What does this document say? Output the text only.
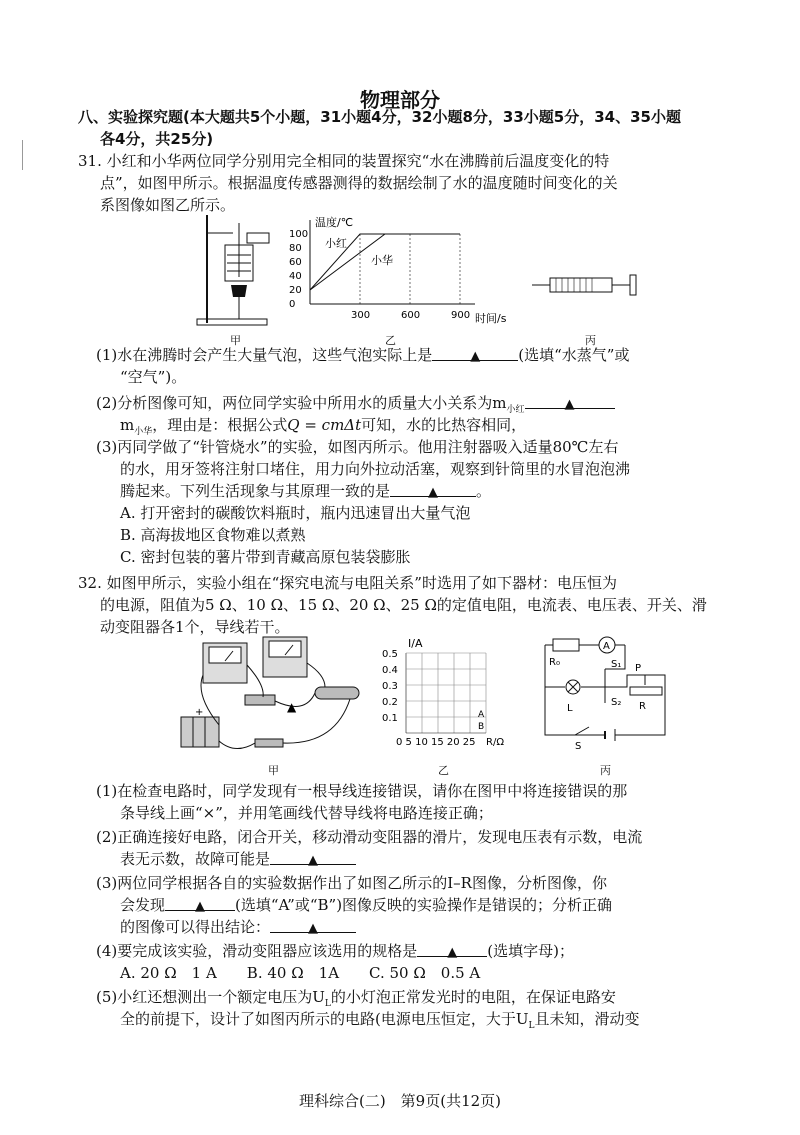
物理部分
八、实验探究题(本大题共5个小题，31小题4分，32小题8分，33小题5分，34、35小题
各4分，共25分)
31. 小红和小华两位同学分别用完全相同的装置探究“水在沸腾前后温度变化的特
点”，如图甲所示。根据温度传感器测得的数据绘制了水的温度随时间变化的关
系图像如图乙所示。
甲
温度/℃
100
80
60
40
20
0
300	600	900
小红
小华
时间/s
乙	丙
(1)水在沸腾时会产生大量气泡，这些气泡实际上是	▲	(选填“水蒸气”或
“空气”)。
(2)分析图像可知，两位同学实验中所用水的质量大小关系为$m_{小红}$	▲
$m_{小华}$，理由是：根据公式Q = cmΔt可知，水的比热容相同，
(3)丙同学做了“针管烧水”的实验，如图丙所示。他用注射器吸入适量80℃左右
的水，用牙签将注射口堵住，用力向外拉动活塞，观察到针筒里的水冒泡泡沸
腾起来。下列生活现象与其原理一致的是	▲	。
A. 打开密封的碳酸饮料瓶时，瓶内迅速冒出大量气泡
B. 高海拔地区食物难以煮熟
C. 密封包装的薯片带到青藏高原包装袋膨胀
32. 如图甲所示，实验小组在“探究电流与电阻关系”时选用了如下器材：电压恒为
的电源，阻值为5 Ω、10 Ω、15 Ω、20 Ω、25 Ω的定值电阻，电流表、电压表、开关、滑
动变阻器各1个，导线若干。
▲
+
甲
I/A
0.5
0.4
0.3
0.2
0.1	A
B
0 5 10 15 20 25 R/Ω
乙
A
R₀	S₁
S₂
P
L	R
S
丙
(1)在检查电路时，同学发现有一根导线连接错误，请你在图甲中将连接错误的那
条导线上画“×”，并用笔画线代替导线将电路连接正确；
(2)正确连接好电路，闭合开关，移动滑动变阻器的滑片，发现电压表有示数，电流
表无示数，故障可能是	▲
(3)两位同学根据各自的实验数据作出了如图乙所示的I–R图像，分析图像，你
会发现 ▲ (选填“A”或“B”)图像反映的实验操作是错误的；分析正确
的图像可以得出结论：	▲
(4)要完成该实验，滑动变阻器应该选用的规格是 ▲ (选填字母)；
A. 20 Ω　1 A　　B. 40 Ω　1A　　C. 50 Ω　0.5 A
(5)小红还想测出一个额定电压为$U_L$的小灯泡正常发光时的电阻，在保证电路安
全的前提下，设计了如图丙所示的电路(电源电压恒定，大于$U_L$且未知，滑动变
理科综合(二)　第9页(共12页)
